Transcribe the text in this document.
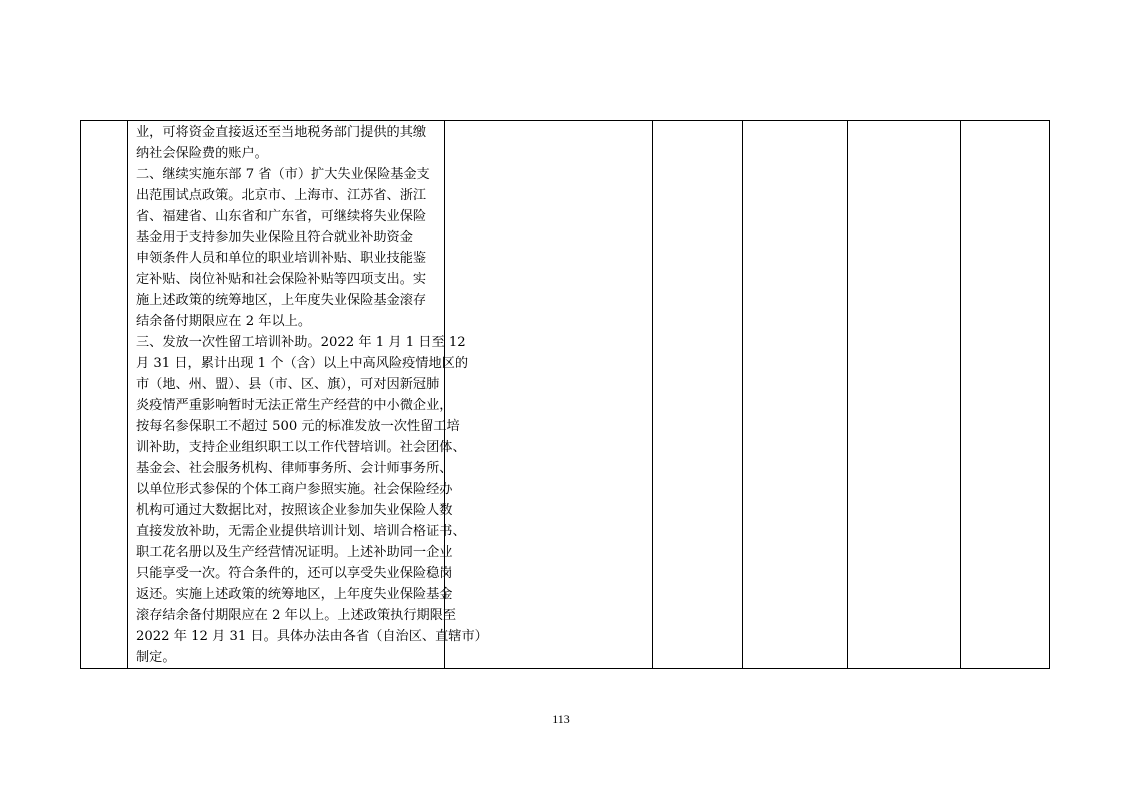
业，可将资金直接返还至当地税务部门提供的其缴
纳社会保险费的账户。
二、继续实施东部 7 省（市）扩大失业保险基金支
出范围试点政策。北京市、上海市、江苏省、浙江
省、福建省、山东省和广东省，可继续将失业保险
基金用于支持参加失业保险且符合就业补助资金
申领条件人员和单位的职业培训补贴、职业技能鉴
定补贴、岗位补贴和社会保险补贴等四项支出。实
施上述政策的统筹地区，上年度失业保险基金滚存
结余备付期限应在 2 年以上。
三、发放一次性留工培训补助。2022 年 1 月 1 日至 12
月 31 日，累计出现 1 个（含）以上中高风险疫情地区的
市（地、州、盟）、县（市、区、旗），可对因新冠肺
炎疫情严重影响暂时无法正常生产经营的中小微企业，
按每名参保职工不超过 500 元的标准发放一次性留工培
训补助，支持企业组织职工以工作代替培训。社会团体、
基金会、社会服务机构、律师事务所、会计师事务所、
以单位形式参保的个体工商户参照实施。社会保险经办
机构可通过大数据比对，按照该企业参加失业保险人数
直接发放补助，无需企业提供培训计划、培训合格证书、
职工花名册以及生产经营情况证明。上述补助同一企业
只能享受一次。符合条件的，还可以享受失业保险稳岗
返还。实施上述政策的统筹地区，上年度失业保险基金
滚存结余备付期限应在 2 年以上。上述政策执行期限至
2022 年 12 月 31 日。具体办法由各省（自治区、直辖市）
制定。

113
